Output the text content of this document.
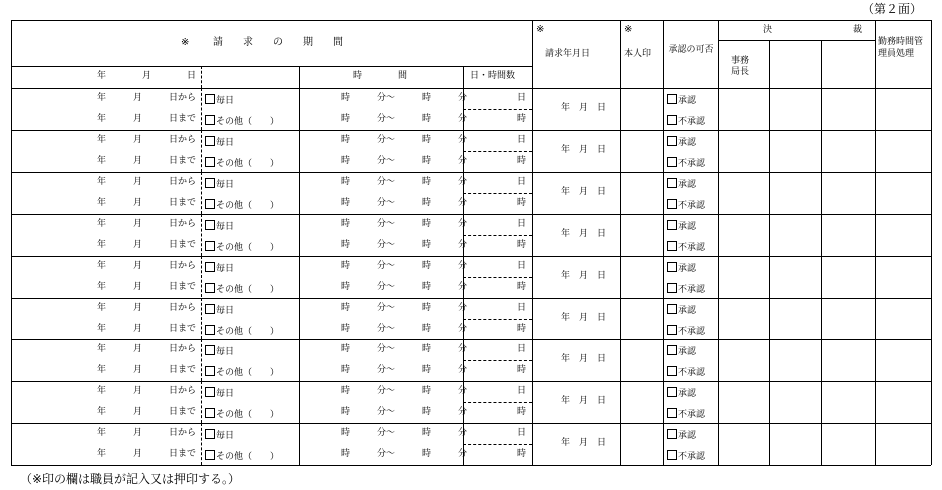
（第２面）
※ 請　　求　　の　　期　　間
年　　　　月　　　　日	時　　　　間	日・時間数
※
請求年月日
※
本人印 承認の可否
決　　　　　　　　　裁
事務局長
勤務時間管理員処理
年　　　月　　　日から
年　　　月　　　日まで
毎日
その他（　　）
時　　　分〜　　　時　　　分
時　　　分〜　　　時　　　分
日
時
年　月　日
承認
不承認
年　　　月　　　日から
年　　　月　　　日まで
毎日
その他（　　）
時　　　分〜　　　時　　　分
時　　　分〜　　　時　　　分
日
時
年　月　日
承認
不承認
年　　　月　　　日から
年　　　月　　　日まで
毎日
その他（　　）
時　　　分〜　　　時　　　分
時　　　分〜　　　時　　　分
日
時
年　月　日
承認
不承認
年　　　月　　　日から
年　　　月　　　日まで
毎日
その他（　　）
時　　　分〜　　　時　　　分
時　　　分〜　　　時　　　分
日
時
年　月　日
承認
不承認
年　　　月　　　日から
年　　　月　　　日まで
毎日
その他（　　）
時　　　分〜　　　時　　　分
時　　　分〜　　　時　　　分
日
時
年　月　日
承認
不承認
年　　　月　　　日から
年　　　月　　　日まで
毎日
その他（　　）
時　　　分〜　　　時　　　分
時　　　分〜　　　時　　　分
日
時
年　月　日
承認
不承認
年　　　月　　　日から
年　　　月　　　日まで
毎日
その他（　　）
時　　　分〜　　　時　　　分
時　　　分〜　　　時　　　分
日
時
年　月　日
承認
不承認
年　　　月　　　日から
年　　　月　　　日まで
毎日
その他（　　）
時　　　分〜　　　時　　　分
時　　　分〜　　　時　　　分
日
時
年　月　日
承認
不承認
年　　　月　　　日から
年　　　月　　　日まで
毎日
その他（　　）
時　　　分〜　　　時　　　分
時　　　分〜　　　時　　　分
日
時
年　月　日
承認
不承認
（※印の欄は職員が記入又は押印する。）
